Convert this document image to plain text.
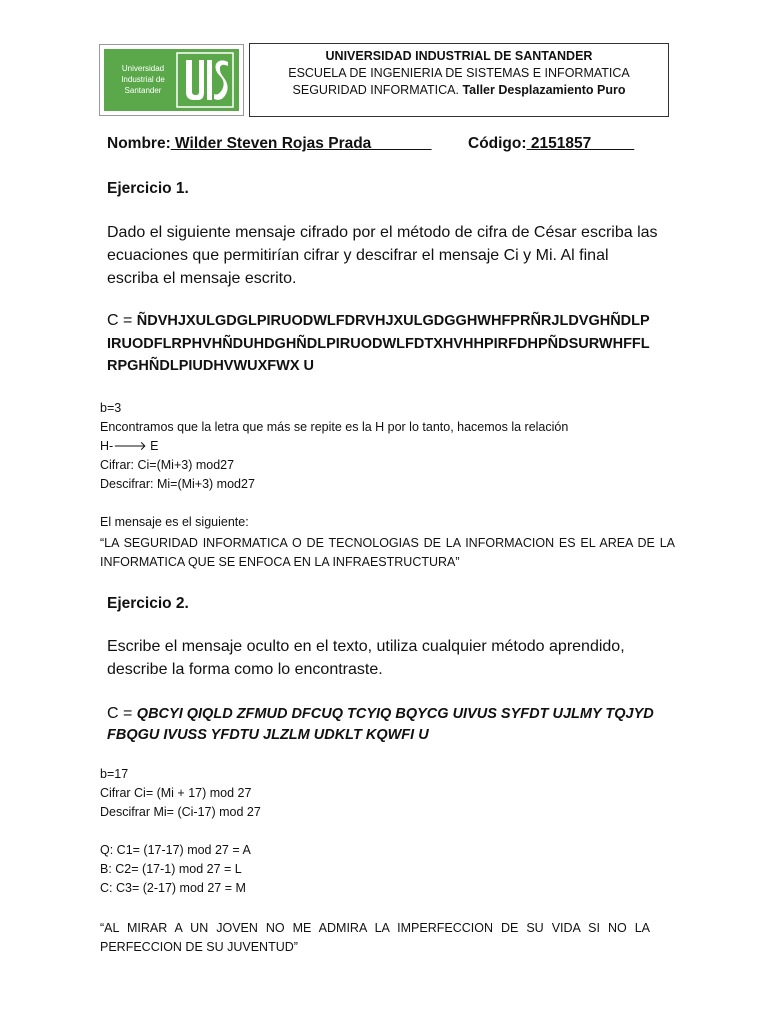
Universidad
Industrial de
Santander
UNIVERSIDAD INDUSTRIAL DE SANTANDER
ESCUELA DE INGENIERIA DE SISTEMAS E INFORMATICA
SEGURIDAD INFORMATICA. Taller Desplazamiento Puro
Nombre: Wilder Steven Rojas Prada Código: 2151857
Ejercicio 1.
Dado el siguiente mensaje cifrado por el método de cifra de César escriba las
ecuaciones que permitirían cifrar y descifrar el mensaje Ci y Mi. Al final
escriba el mensaje escrito.
C = ÑDVHJXULGDGLPIRUODWLFDRVHJXULGDGGHWHFPRÑRJLDVGHÑDLP
IRUODFLRPHVHÑDUHDGHÑDLPIRUODWLFDTXHVHHPIRFDHPÑDSURWHFFL
RPGHÑDLPIUDHVWUXFWX U
b=3
Encontramos que la letra que más se repite es la H por lo tanto, hacemos la relación
H-🡒 E
Cifrar: Ci=(Mi+3) mod27
Descifrar: Mi=(Mi+3) mod27
El mensaje es el siguiente:
“LA SEGURIDAD INFORMATICA O DE TECNOLOGIAS DE LA INFORMACION ES EL AREA DE LA INFORMATICA QUE SE ENFOCA EN LA INFRAESTRUCTURA”
Ejercicio 2.
Escribe el mensaje oculto en el texto, utiliza cualquier método aprendido,
describe la forma como lo encontraste.
C = QBCYI QIQLD ZFMUD DFCUQ TCYIQ BQYCG UIVUS SYFDT UJLMY TQJYD
FBQGU IVUSS YFDTU JLZLM UDKLT KQWFI U
b=17
Cifrar Ci= (Mi + 17) mod 27
Descifrar Mi= (Ci-17) mod 27
Q: C1= (17-17) mod 27 = A
B: C2= (17-1) mod 27 = L
C: C3= (2-17) mod 27 = M
“AL MIRAR A UN JOVEN NO ME ADMIRA LA IMPERFECCION DE SU VIDA SI NO LA PERFECCION DE SU JUVENTUD”
